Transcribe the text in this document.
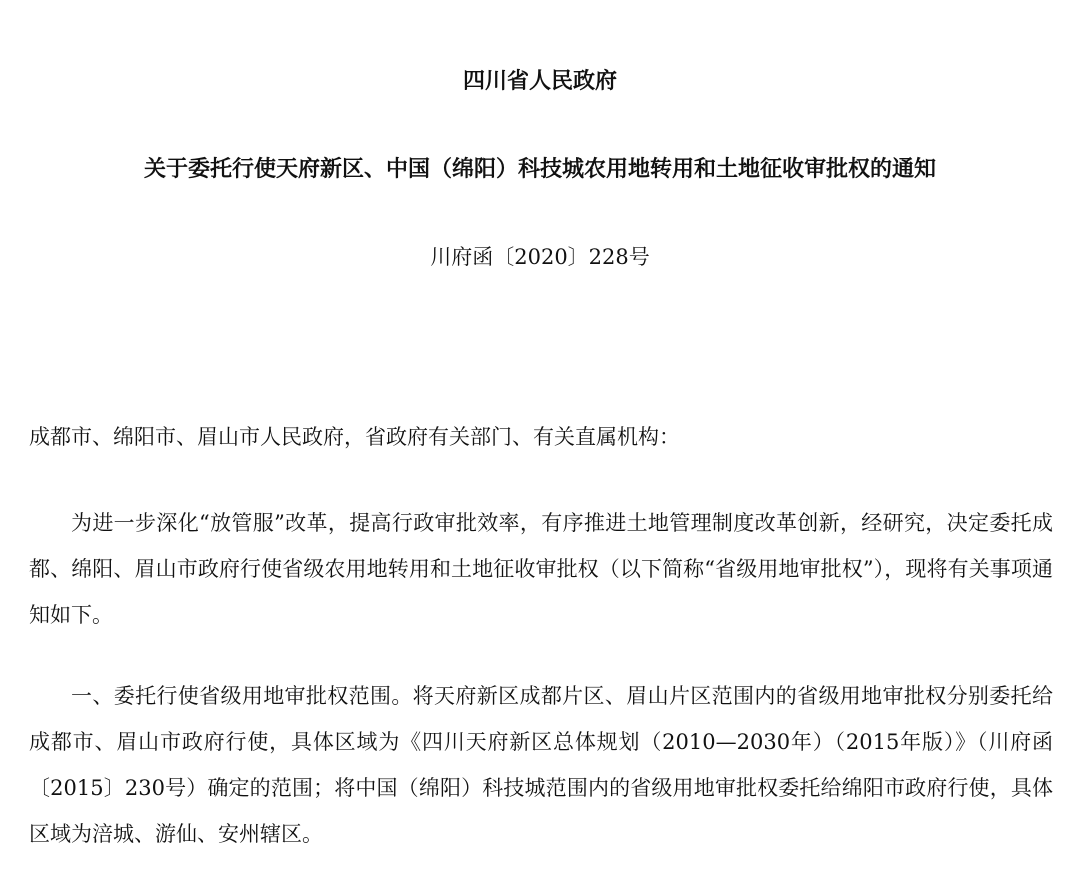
四川省人民政府
关于委托行使天府新区、中国（绵阳）科技城农用地转用和土地征收审批权的通知
川府函〔2020〕228号

成都市、绵阳市、眉山市人民政府，省政府有关部门、有关直属机构：

为进一步深化“放管服”改革，提高行政审批效率，有序推进土地管理制度改革创新，经研究，决定委托成都、绵阳、眉山市政府行使省级农用地转用和土地征收审批权（以下简称“省级用地审批权”），现将有关事项通知如下。

一、委托行使省级用地审批权范围。将天府新区成都片区、眉山片区范围内的省级用地审批权分别委托给成都市、眉山市政府行使，具体区域为《四川天府新区总体规划（2010—2030年）（2015年版）》（川府函〔2015〕230号）确定的范围；将中国（绵阳）科技城范围内的省级用地审批权委托给绵阳市政府行使，具体区域为涪城、游仙、安州辖区。
